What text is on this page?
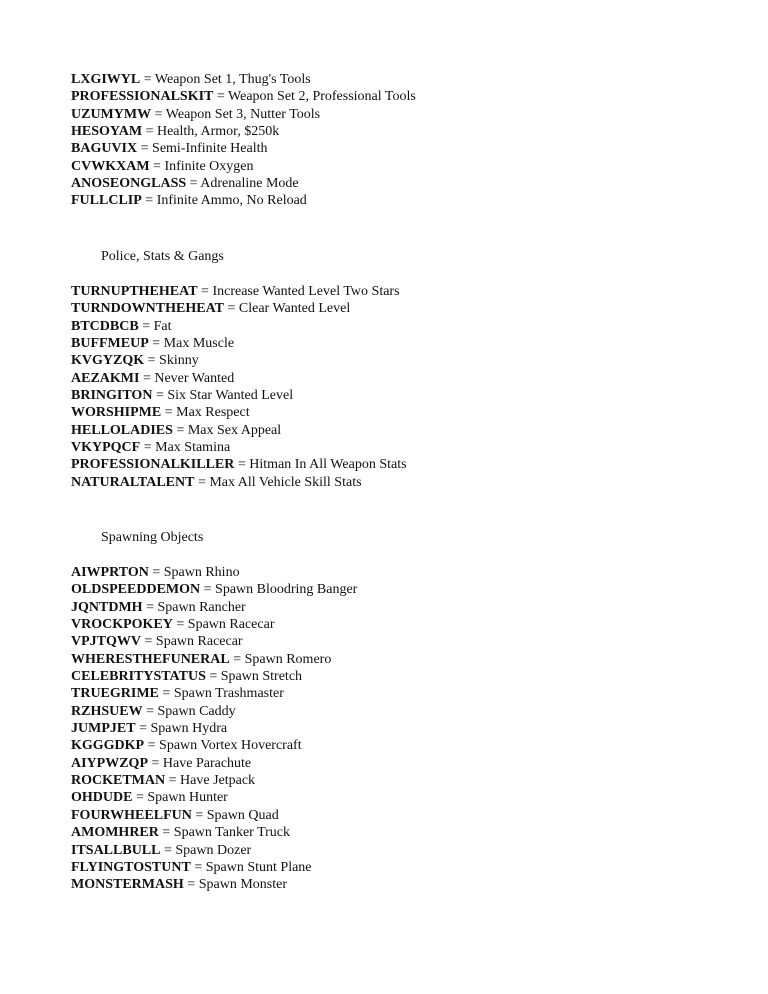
LXGIWYL = Weapon Set 1, Thug's Tools
PROFESSIONALSKIT = Weapon Set 2, Professional Tools
UZUMYMW = Weapon Set 3, Nutter Tools
HESOYAM = Health, Armor, $250k
BAGUVIX = Semi-Infinite Health
CVWKXAM = Infinite Oxygen
ANOSEONGLASS = Adrenaline Mode
FULLCLIP = Infinite Ammo, No Reload
Police, Stats & Gangs
TURNUPTHEHEAT = Increase Wanted Level Two Stars
TURNDOWNTHEHEAT = Clear Wanted Level
BTCDBCB = Fat
BUFFMEUP = Max Muscle
KVGYZQK = Skinny
AEZAKMI = Never Wanted
BRINGITON = Six Star Wanted Level
WORSHIPME = Max Respect
HELLOLADIES = Max Sex Appeal
VKYPQCF = Max Stamina
PROFESSIONALKILLER = Hitman In All Weapon Stats
NATURALTALENT = Max All Vehicle Skill Stats
Spawning Objects
AIWPRTON = Spawn Rhino
OLDSPEEDDEMON = Spawn Bloodring Banger
JQNTDMH = Spawn Rancher
VROCKPOKEY = Spawn Racecar
VPJTQWV = Spawn Racecar
WHERESTHEFUNERAL = Spawn Romero
CELEBRITYSTATUS = Spawn Stretch
TRUEGRIME = Spawn Trashmaster
RZHSUEW = Spawn Caddy
JUMPJET = Spawn Hydra
KGGGDKP = Spawn Vortex Hovercraft
AIYPWZQP = Have Parachute
ROCKETMAN = Have Jetpack
OHDUDE = Spawn Hunter
FOURWHEELFUN = Spawn Quad
AMOMHRER = Spawn Tanker Truck
ITSALLBULL = Spawn Dozer
FLYINGTOSTUNT = Spawn Stunt Plane
MONSTERMASH = Spawn Monster
